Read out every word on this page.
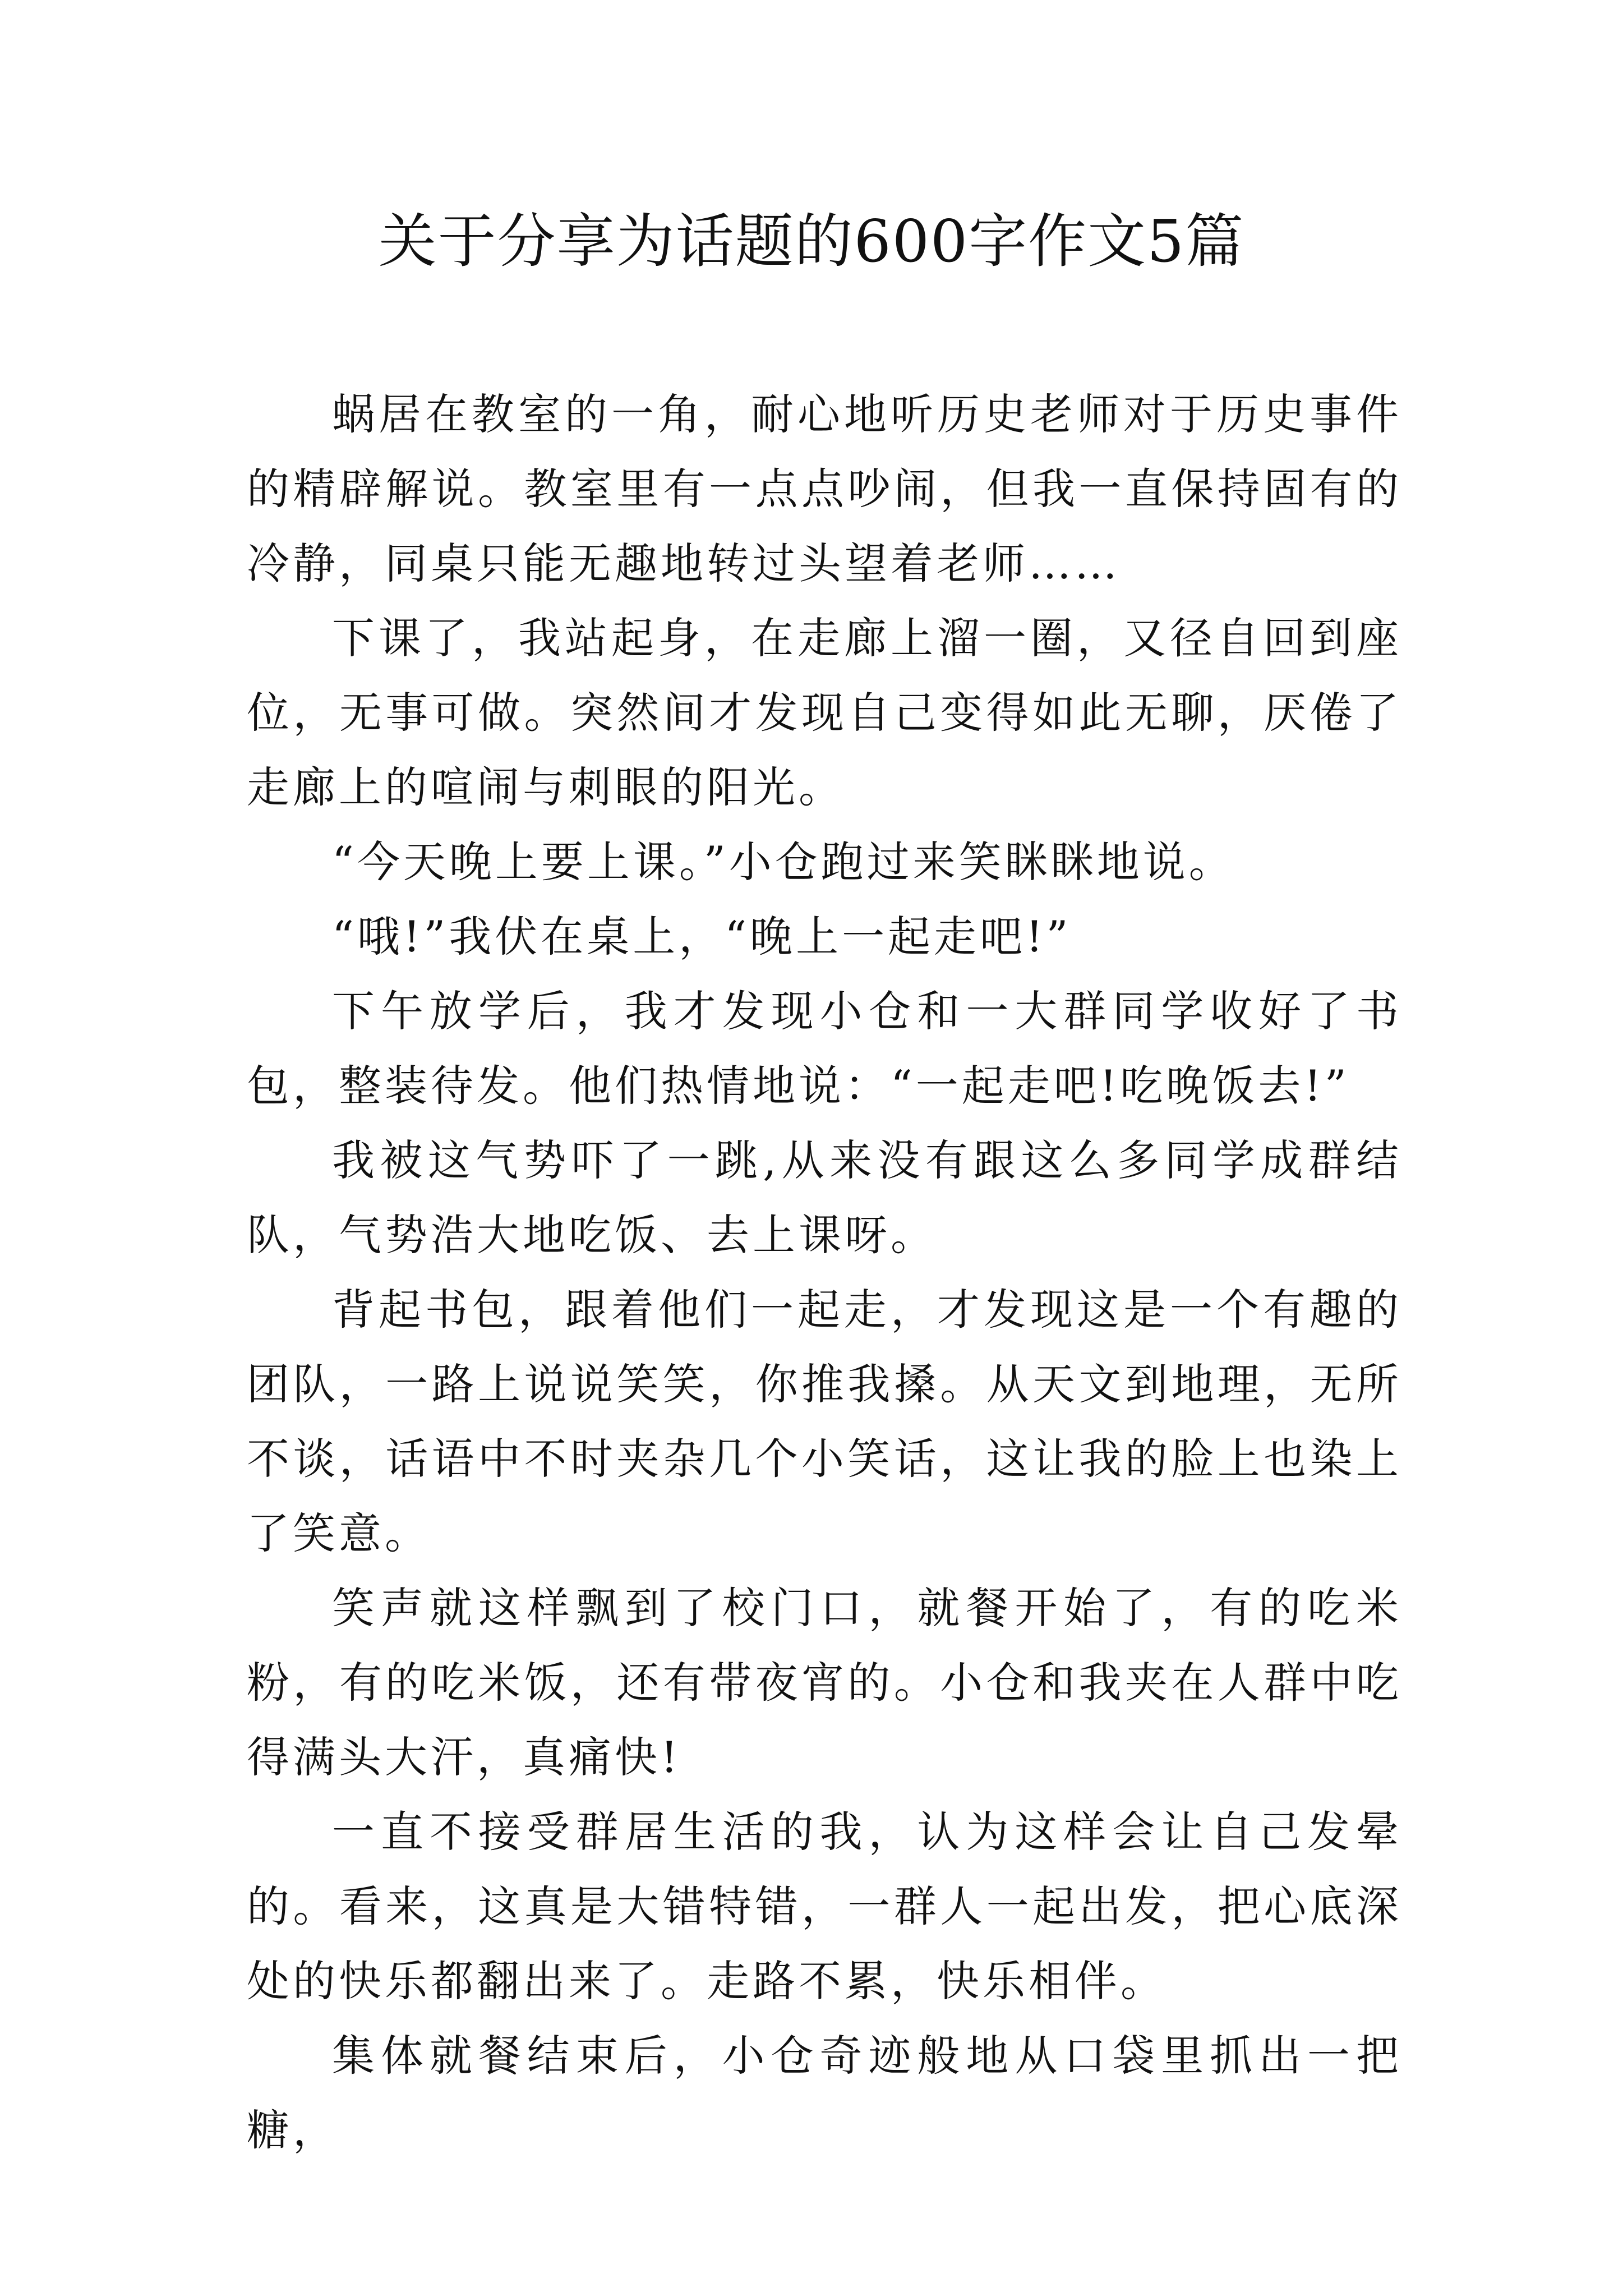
关于分享为话题的600字作文5篇

蜗居在教室的一角，耐心地听历史老师对于历史事件的精辟解说。教室里有一点点吵闹，但我一直保持固有的冷静，同桌只能无趣地转过头望着老师……

下课了，我站起身，在走廊上溜一圈，又径自回到座位，无事可做。突然间才发现自己变得如此无聊，厌倦了走廊上的喧闹与刺眼的阳光。

“今天晚上要上课。”小仓跑过来笑眯眯地说。

“哦!”我伏在桌上，“晚上一起走吧!”

下午放学后，我才发现小仓和一大群同学收好了书包，整装待发。他们热情地说：“一起走吧!吃晚饭去!”

我被这气势吓了一跳,从来没有跟这么多同学成群结队，气势浩大地吃饭、去上课呀。

背起书包，跟着他们一起走，才发现这是一个有趣的团队，一路上说说笑笑，你推我搡。从天文到地理，无所不谈，话语中不时夹杂几个小笑话，这让我的脸上也染上了笑意。

笑声就这样飘到了校门口，就餐开始了，有的吃米粉，有的吃米饭，还有带夜宵的。小仓和我夹在人群中吃得满头大汗，真痛快!

一直不接受群居生活的我，认为这样会让自己发晕的。看来，这真是大错特错，一群人一起出发，把心底深处的快乐都翻出来了。走路不累，快乐相伴。

集体就餐结束后，小仓奇迹般地从口袋里抓出一把糖，
